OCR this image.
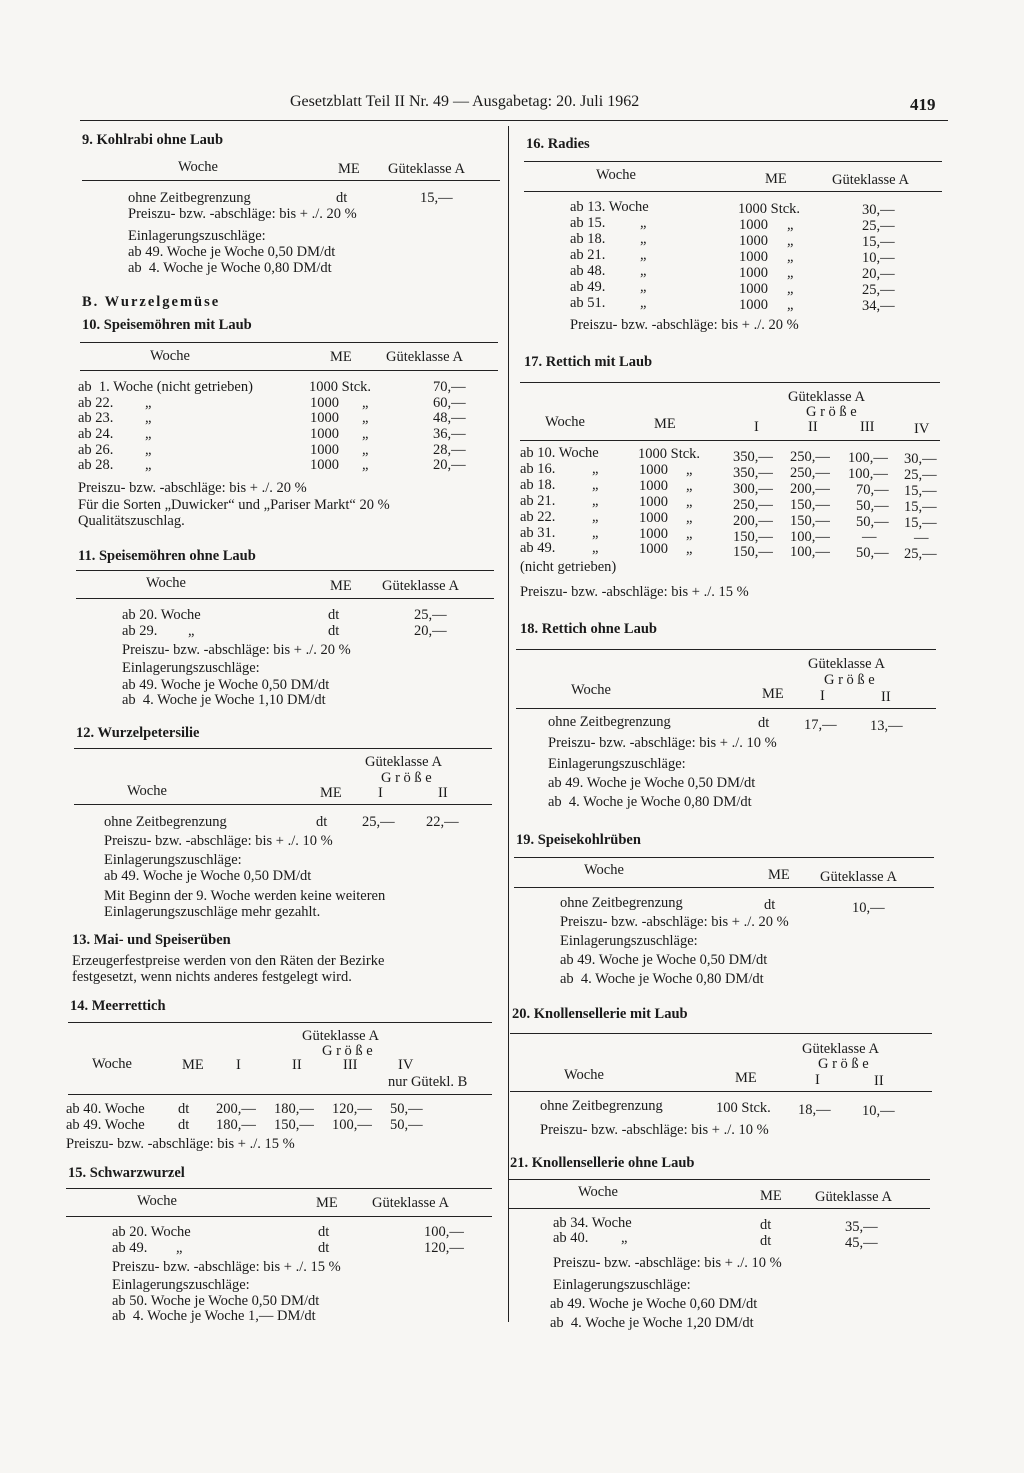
Gesetzblatt Teil II Nr. 49 — Ausgabetag: 20. Juli 1962	419
9. Kohlrabi ohne Laub
Woche	ME Güteklasse A
ohne Zeitbegrenzung	dt	15,—
Preiszu- bzw. -abschläge: bis + ./. 20 %
Einlagerungszuschläge:
ab 49. Woche je Woche 0,50 DM/dt
ab  4. Woche je Woche 0,80 DM/dt
B. Wurzelgemüse
10. Speisemöhren mit Laub
Woche	ME Güteklasse A
ab  1. Woche (nicht getrieben)	1000 Stck.	70,—
ab 22. „	1000 „	60,—
ab 23. „	1000 „	48,—
ab 24. „	1000 „	36,—
ab 26. „	1000 „	28,—
ab 28. „	1000 „	20,—
Preiszu- bzw. -abschläge: bis + ./. 20 %
Für die Sorten „Duwicker“ und „Pariser Markt“ 20 %
Qualitätszuschlag.
11. Speisemöhren ohne Laub
Woche	ME Güteklasse A
ab 20. Woche	dt	25,—
ab 29. „	dt	20,—
Preiszu- bzw. -abschläge: bis + ./. 20 %
Einlagerungszuschläge:
ab 49. Woche je Woche 0,50 DM/dt
ab  4. Woche je Woche 1,10 DM/dt
12. Wurzelpetersilie
Güteklasse A
G r ö ß e
Woche	ME	I	II
ohne Zeitbegrenzung	dt 25,— 22,—
Preiszu- bzw. -abschläge: bis + ./. 10 %
Einlagerungszuschläge:
ab 49. Woche je Woche 0,50 DM/dt
Mit Beginn der 9. Woche werden keine weiteren
Einlagerungszuschläge mehr gezahlt.
13. Mai- und Speiserüben
Erzeugerfestpreise werden von den Räten der Bezirke
festgesetzt, wenn nichts anderes festgelegt wird.
14. Meerrettich
Güteklasse A
G r ö ß e
Woche	ME I	II	III	IV
nur Gütekl. B
ab 40. Woche dt 200,— 180,— 120,— 50,—
ab 49. Woche dt 180,— 150,— 100,— 50,—
Preiszu- bzw. -abschläge: bis + ./. 15 %
15. Schwarzwurzel
Woche	ME Güteklasse A
ab 20. Woche	dt	100,—
ab 49. „	dt	120,—
Preiszu- bzw. -abschläge: bis + ./. 15 %
Einlagerungszuschläge:
ab 50. Woche je Woche 0,50 DM/dt
ab  4. Woche je Woche 1,— DM/dt
16. Radies
Woche	ME	Güteklasse A
ab 13. Woche	1000 Stck.	30,—
ab 15. „	1000 „	25,—
ab 18. „	1000 „	15,—
ab 21. „	1000 „	10,—
ab 48. „	1000 „	20,—
ab 49. „	1000 „	25,—
ab 51. „	1000 „	34,—
Preiszu- bzw. -abschläge: bis + ./. 20 %
17. Rettich mit Laub
Güteklasse A
G r ö ß e
Woche	ME	I	II	III	IV
ab 10. Woche	1000 Stck. 350,— 250,— 100,— 30,—
ab 16.	„	1000 „	350,— 250,— 100,— 25,—
ab 18.	„	1000 „	300,— 200,— 70,— 15,—
ab 21.	„	1000 „	250,— 150,— 50,— 15,—
ab 22.	„	1000 „	200,— 150,— 50,— 15,—
ab 31.	„	1000 „	150,— 100,— —	—
ab 49.	„	1000 „	150,— 100,— 50,— 25,—
(nicht getrieben)
Preiszu- bzw. -abschläge: bis + ./. 15 %
18. Rettich ohne Laub
Güteklasse A
G r ö ß e
Woche	ME	I	II
ohne Zeitbegrenzung	dt 17,— 13,—
Preiszu- bzw. -abschläge: bis + ./. 10 %
Einlagerungszuschläge:
ab 49. Woche je Woche 0,50 DM/dt
ab  4. Woche je Woche 0,80 DM/dt
19. Speisekohlrüben
Woche	ME Güteklasse A
ohne Zeitbegrenzung	dt	10,—
Preiszu- bzw. -abschläge: bis + ./. 20 %
Einlagerungszuschläge:
ab 49. Woche je Woche 0,50 DM/dt
ab  4. Woche je Woche 0,80 DM/dt
20. Knollensellerie mit Laub
Güteklasse A
G r ö ß e
Woche	ME	I	II
ohne Zeitbegrenzung	100 Stck. 18,— 10,—
Preiszu- bzw. -abschläge: bis + ./. 10 %
21. Knollensellerie ohne Laub
Woche	ME Güteklasse A
ab 34. Woche	dt	35,—
ab 40. „	dt	45,—
Preiszu- bzw. -abschläge: bis + ./. 10 %
Einlagerungszuschläge:
ab 49. Woche je Woche 0,60 DM/dt
ab  4. Woche je Woche 1,20 DM/dt
